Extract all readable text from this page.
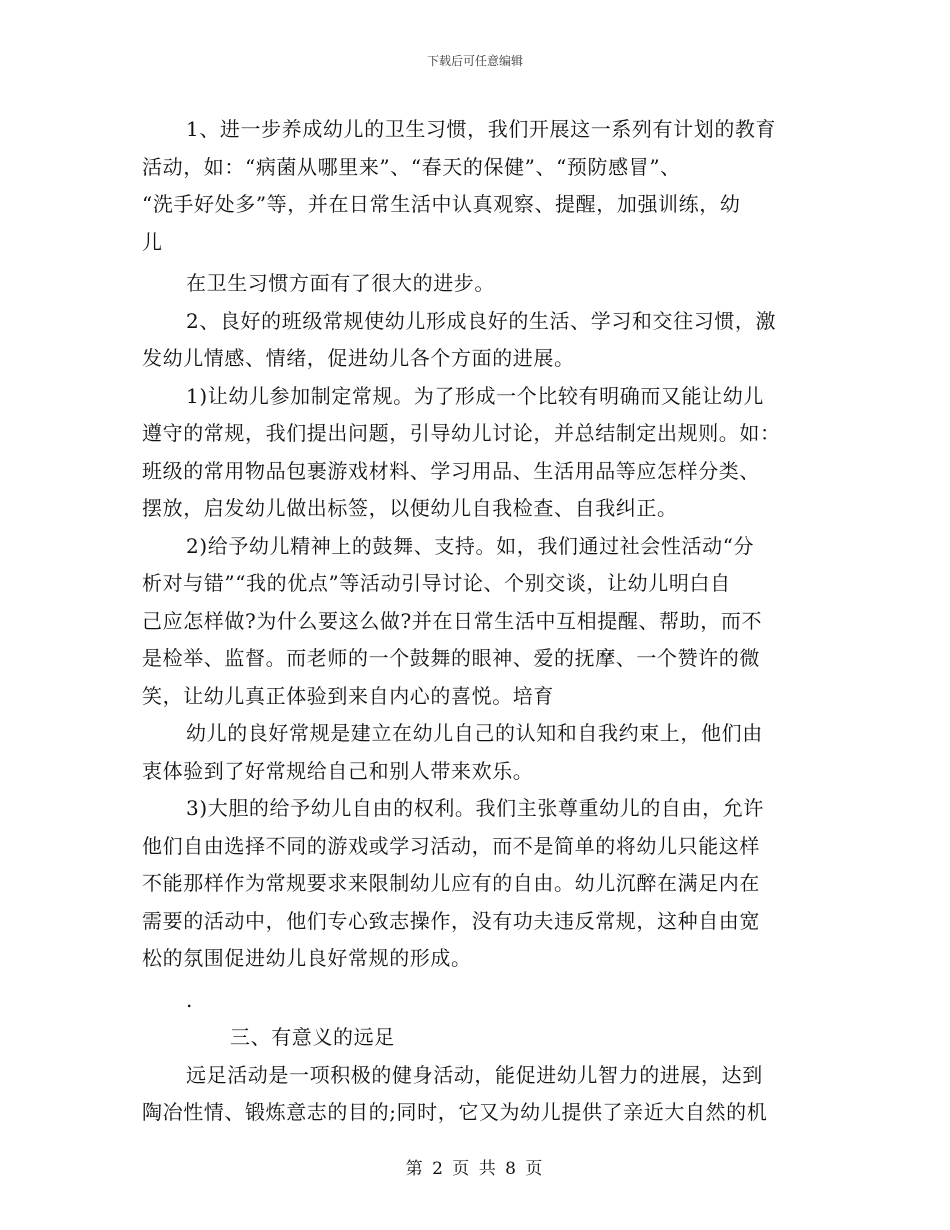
下载后可任意编辑
1、进一步养成幼儿的卫生习惯，我们开展这一系列有计划的教育
活动，如：“病菌从哪里来”、“春天的保健”、“预防感冒”、
“洗手好处多”等，并在日常生活中认真观察、提醒，加强训练，幼
儿
在卫生习惯方面有了很大的进步。
2、良好的班级常规使幼儿形成良好的生活、学习和交往习惯，激
发幼儿情感、情绪，促进幼儿各个方面的进展。
1)让幼儿参加制定常规。为了形成一个比较有明确而又能让幼儿
遵守的常规，我们提出问题，引导幼儿讨论，并总结制定出规则。如：
班级的常用物品包裹游戏材料、学习用品、生活用品等应怎样分类、
摆放，启发幼儿做出标签，以便幼儿自我检查、自我纠正。
2)给予幼儿精神上的鼓舞、支持。如，我们通过社会性活动“分
析对与错”“我的优点”等活动引导讨论、个别交谈，让幼儿明白自
己应怎样做?为什么要这么做?并在日常生活中互相提醒、帮助，而不
是检举、监督。而老师的一个鼓舞的眼神、爱的抚摩、一个赞许的微
笑，让幼儿真正体验到来自内心的喜悦。培育
幼儿的良好常规是建立在幼儿自己的认知和自我约束上，他们由
衷体验到了好常规给自己和别人带来欢乐。
3)大胆的给予幼儿自由的权利。我们主张尊重幼儿的自由，允许
他们自由选择不同的游戏或学习活动，而不是简单的将幼儿只能这样
不能那样作为常规要求来限制幼儿应有的自由。幼儿沉醉在满足内在
需要的活动中，他们专心致志操作，没有功夫违反常规，这种自由宽
松的氛围促进幼儿良好常规的形成。
.
三、有意义的远足
远足活动是一项积极的健身活动，能促进幼儿智力的进展，达到
陶冶性情、锻炼意志的目的;同时，它又为幼儿提供了亲近大自然的机
第 2 页 共 8 页
